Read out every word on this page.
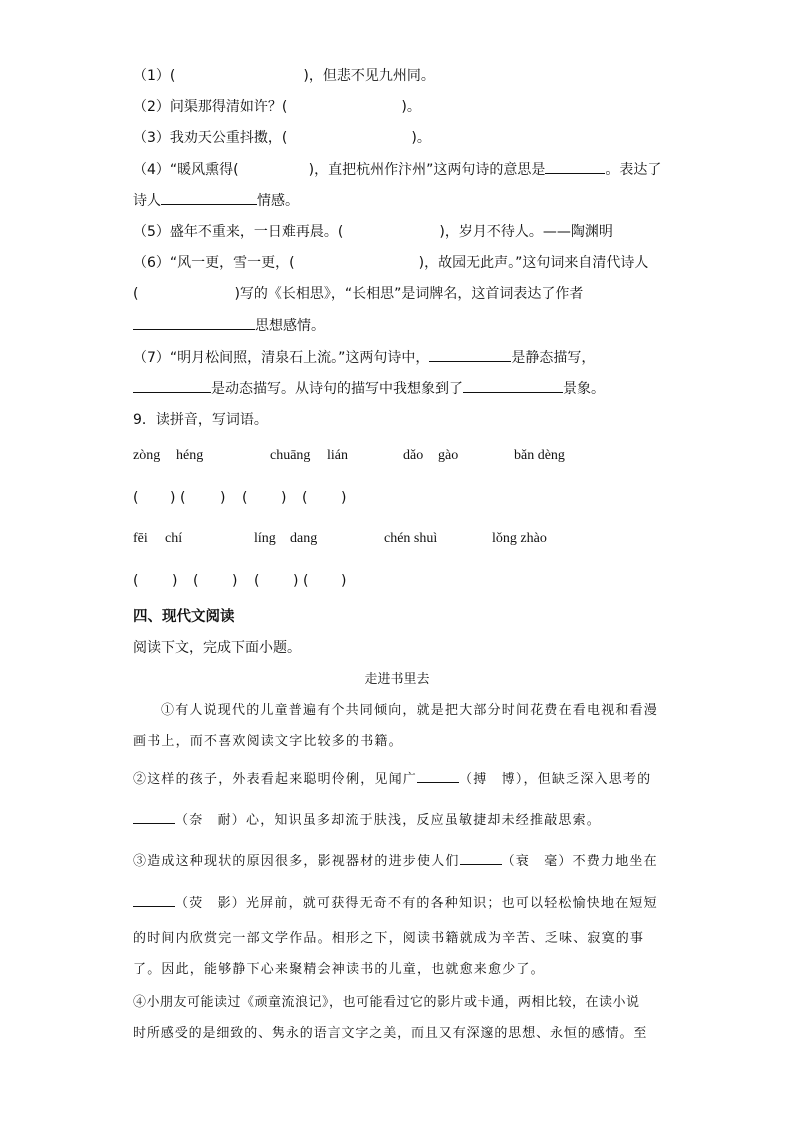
（1）(	)，但悲不见九州同。
（2）问渠那得清如许？(	)。
（3）我劝天公重抖擞，(	)。
（4）“暖风熏得(	)，直把杭州作汴州”这两句诗的意思是	。表达了
诗人	情感。
（5）盛年不重来，一日难再晨。(	)，岁月不待人。——陶渊明
（6）“风一更，雪一更，(	)，故园无此声。”这句词来自清代诗人
(	)写的《长相思》，“长相思”是词牌名，这首词表达了作者
思想感情。
（7）“明月松间照，清泉石上流。”这两句诗中，	是静态描写，
是动态描写。从诗句的描写中我想象到了	景象。
9．读拼音，写词语。
zòng héng	chuāng lián	dǎo gào	bǎn dèng
( ) ( ) ( ) ( )
fēi chí	líng dang	chén shuì	lǒng zhào
( ) ( ) ( ) ( )
四、现代文阅读
阅读下文，完成下面小题。
走进书里去
①有人说现代的儿童普遍有个共同倾向，就是把大部分时间花费在看电视和看漫
画书上，而不喜欢阅读文字比较多的书籍。
②这样的孩子，外表看起来聪明伶俐，见闻广	（搏　博），但缺乏深入思考的
（奈　耐）心，知识虽多却流于肤浅，反应虽敏捷却未经推敲思索。
③造成这种现状的原因很多，影视器材的进步使人们	（衰　毫）不费力地坐在
（荧　影）光屏前，就可获得无奇不有的各种知识；也可以轻松愉快地在短短
的时间内欣赏完一部文学作品。相形之下，阅读书籍就成为辛苦、乏味、寂寞的事
了。因此，能够静下心来聚精会神读书的儿童，也就愈来愈少了。
④小朋友可能读过《顽童流浪记》，也可能看过它的影片或卡通，两相比较，在读小说
时所感受的是细致的、隽永的语言文字之美，而且又有深邃的思想、永恒的感情。至
